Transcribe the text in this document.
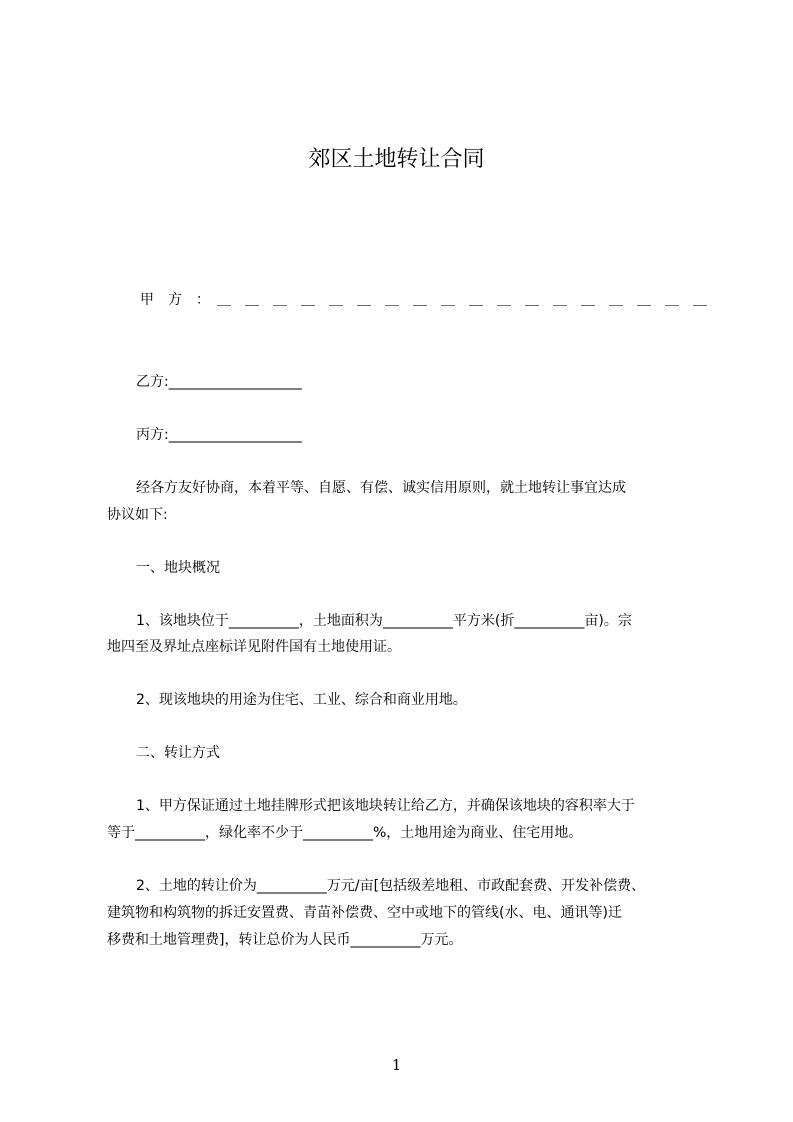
郊区土地转让合同
甲　方　：　＿　＿　＿　＿　＿　＿　＿　＿　＿　＿　＿　＿　＿　＿　＿　＿　＿　＿
乙方:___________________
丙方:___________________
经各方友好协商，本着平等、自愿、有偿、诚实信用原则，就土地转让事宜达成
协议如下:
一、地块概况
1、该地块位于__________，土地面积为__________平方米(折__________亩)。宗
地四至及界址点座标详见附件国有土地使用证。
2、现该地块的用途为住宅、工业、综合和商业用地。
二、转让方式
1、甲方保证通过土地挂牌形式把该地块转让给乙方，并确保该地块的容积率大于
等于__________，绿化率不少于__________%，土地用途为商业、住宅用地。
2、土地的转让价为__________万元/亩[包括级差地租、市政配套费、开发补偿费、
建筑物和构筑物的拆迁安置费、青苗补偿费、空中或地下的管线(水、电、通讯等)迁
移费和土地管理费]，转让总价为人民币__________万元。
1
